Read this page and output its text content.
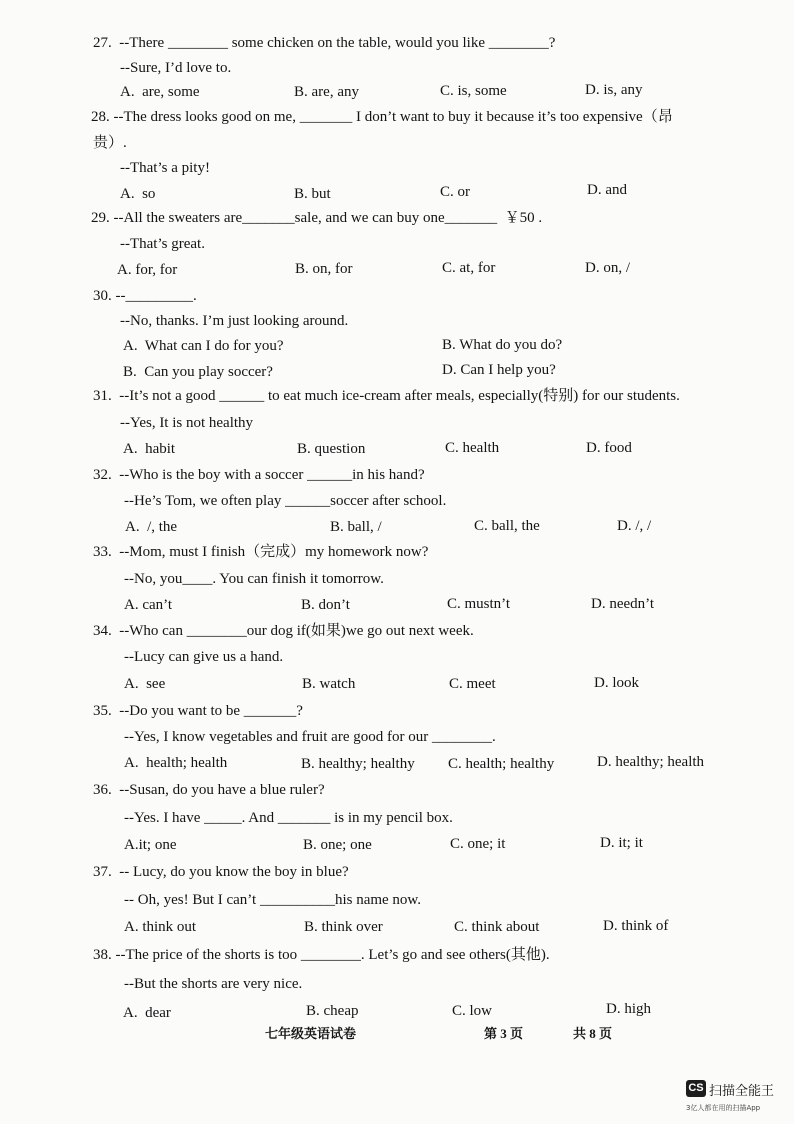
27.  --There ________ some chicken on the table, would you like ________?
--Sure, I’d love to.
A.  are, some	B. are, any	C. is, some	D. is, any
28. --The dress looks good on me, _______ I don’t want to buy it because it’s too expensive（昂
贵）.
--That’s a pity!
A.  so	B. but	C. or	D. and
29. --All the sweaters are_______sale, and we can buy one_______  ￥50 .
--That’s great.
A. for, for	B. on, for	C. at, for	D. on, /
30. --_________.
--No, thanks. I’m just looking around.
A.  What can I do for you?	B. What do you do?
B.  Can you play soccer?	D. Can I help you?
31.  --It’s not a good ______ to eat much ice-cream after meals, especially(特别) for our students.
--Yes, It is not healthy
A.  habit	B. question	C. health	D. food
32.  --Who is the boy with a soccer ______in his hand?
--He’s Tom, we often play ______soccer after school.
A.  /, the	B. ball, /	C. ball, the	D. /, /
33.  --Mom, must I finish（完成）my homework now?
--No, you____. You can finish it tomorrow.
A. can’t	B. don’t	C. mustn’t	D. needn’t
34.  --Who can ________our dog if(如果)we go out next week.
--Lucy can give us a hand.
A.  see	B. watch	C. meet	D. look
35.  --Do you want to be _______?
--Yes, I know vegetables and fruit are good for our ________.
A.  health; health	B. healthy; healthy C. health; healthy	D. healthy; health
36.  --Susan, do you have a blue ruler?
--Yes. I have _____. And _______ is in my pencil box.
A.it; one	B. one; one	C. one; it	D. it; it
37.  -- Lucy, do you know the boy in blue?
-- Oh, yes! But I can’t __________his name now.
A. think out	B. think over	C. think about	D. think of
38. --The price of the shorts is too ________. Let’s go and see others(其他).
--But the shorts are very nice.
A.  dear	B. cheap	C. low	D. high
七年级英语试卷	第 3 页	共 8 页
CS 扫描全能王
3亿人都在用的扫描App
